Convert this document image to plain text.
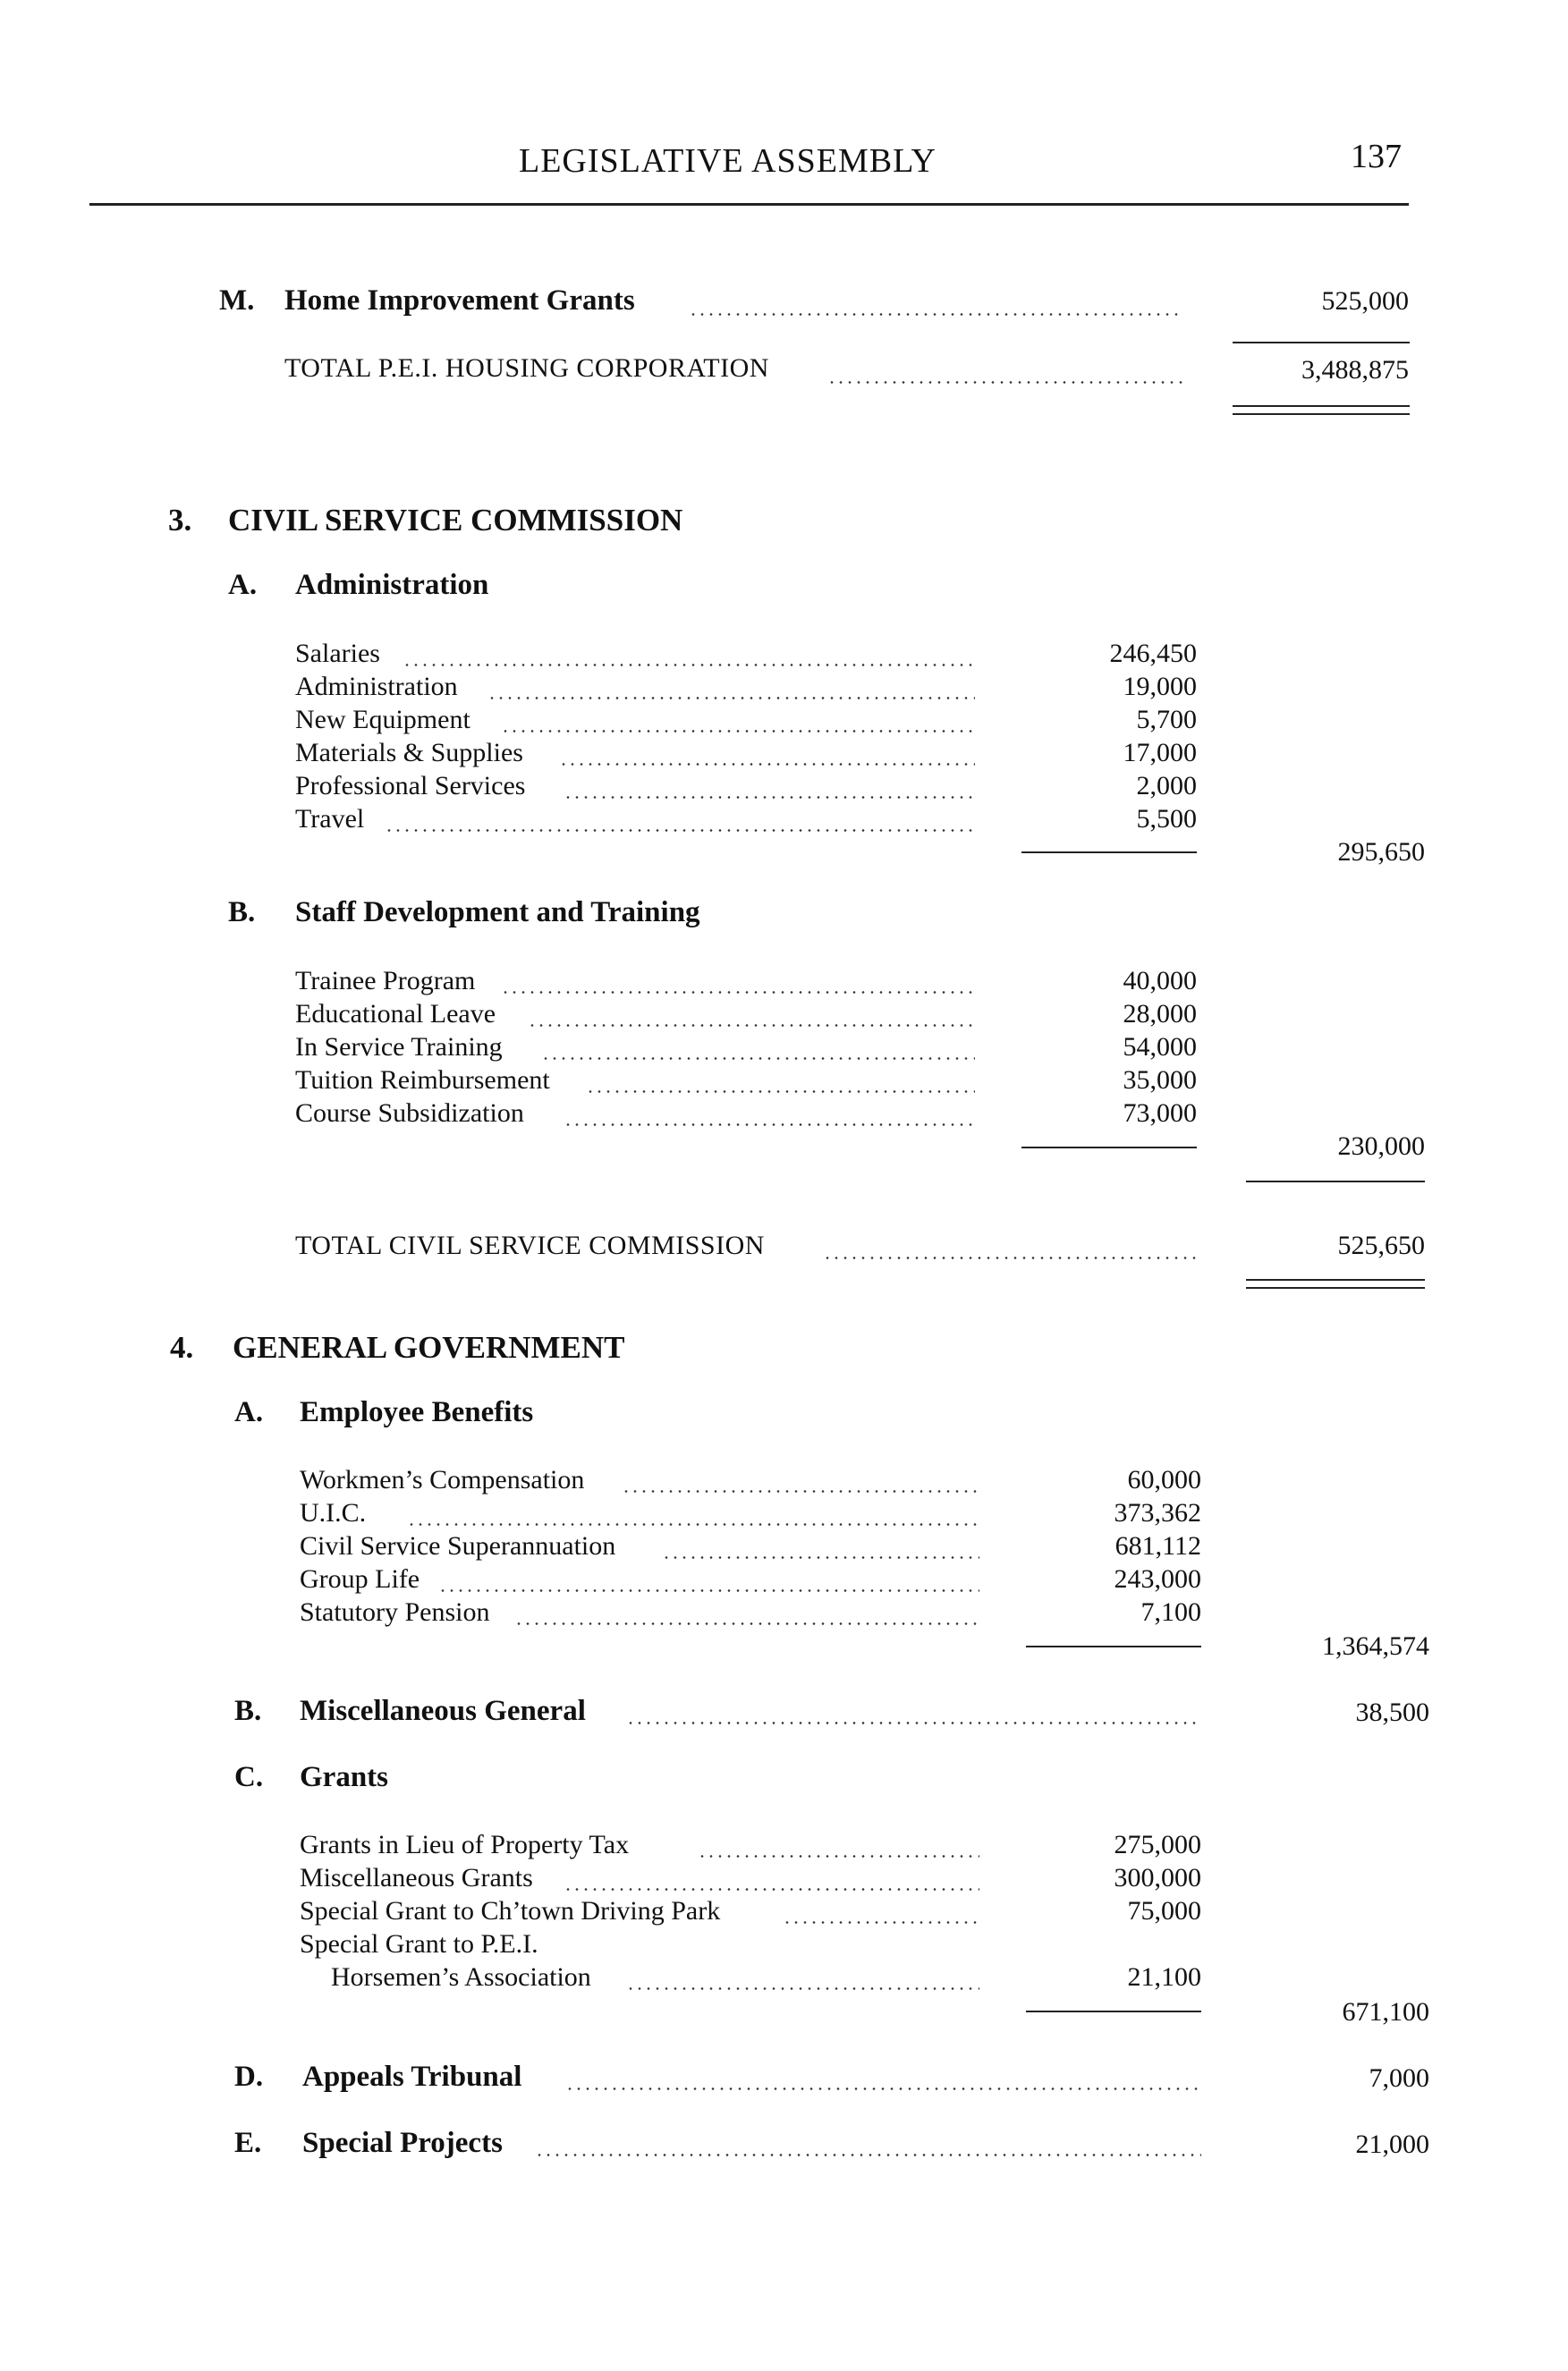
LEGISLATIVE ASSEMBLY	137
M. Home Improvement Grants	525,000
TOTAL P.E.I. HOUSING CORPORATION	3,488,875
3. CIVIL SERVICE COMMISSION
A. Administration
Salaries	246,450
Administration	19,000
New Equipment	5,700
Materials & Supplies	17,000
Professional Services	2,000
Travel	5,500
295,650
B. Staff Development and Training
Trainee Program	40,000
Educational Leave	28,000
In Service Training	54,000
Tuition Reimbursement	35,000
Course Subsidization	73,000
230,000
TOTAL CIVIL SERVICE COMMISSION	525,650
4. GENERAL GOVERNMENT
A. Employee Benefits
Workmen’s Compensation	60,000
U.I.C.	373,362
Civil Service Superannuation	681,112
Group Life	243,000
Statutory Pension	7,100
1,364,574
B. Miscellaneous General	38,500
C. Grants
Grants in Lieu of Property Tax	275,000
Miscellaneous Grants	300,000
Special Grant to Ch’town Driving Park	75,000
Special Grant to P.E.I.
Horsemen’s Association	21,100
671,100
D. Appeals Tribunal	7,000
E. Special Projects	21,000
